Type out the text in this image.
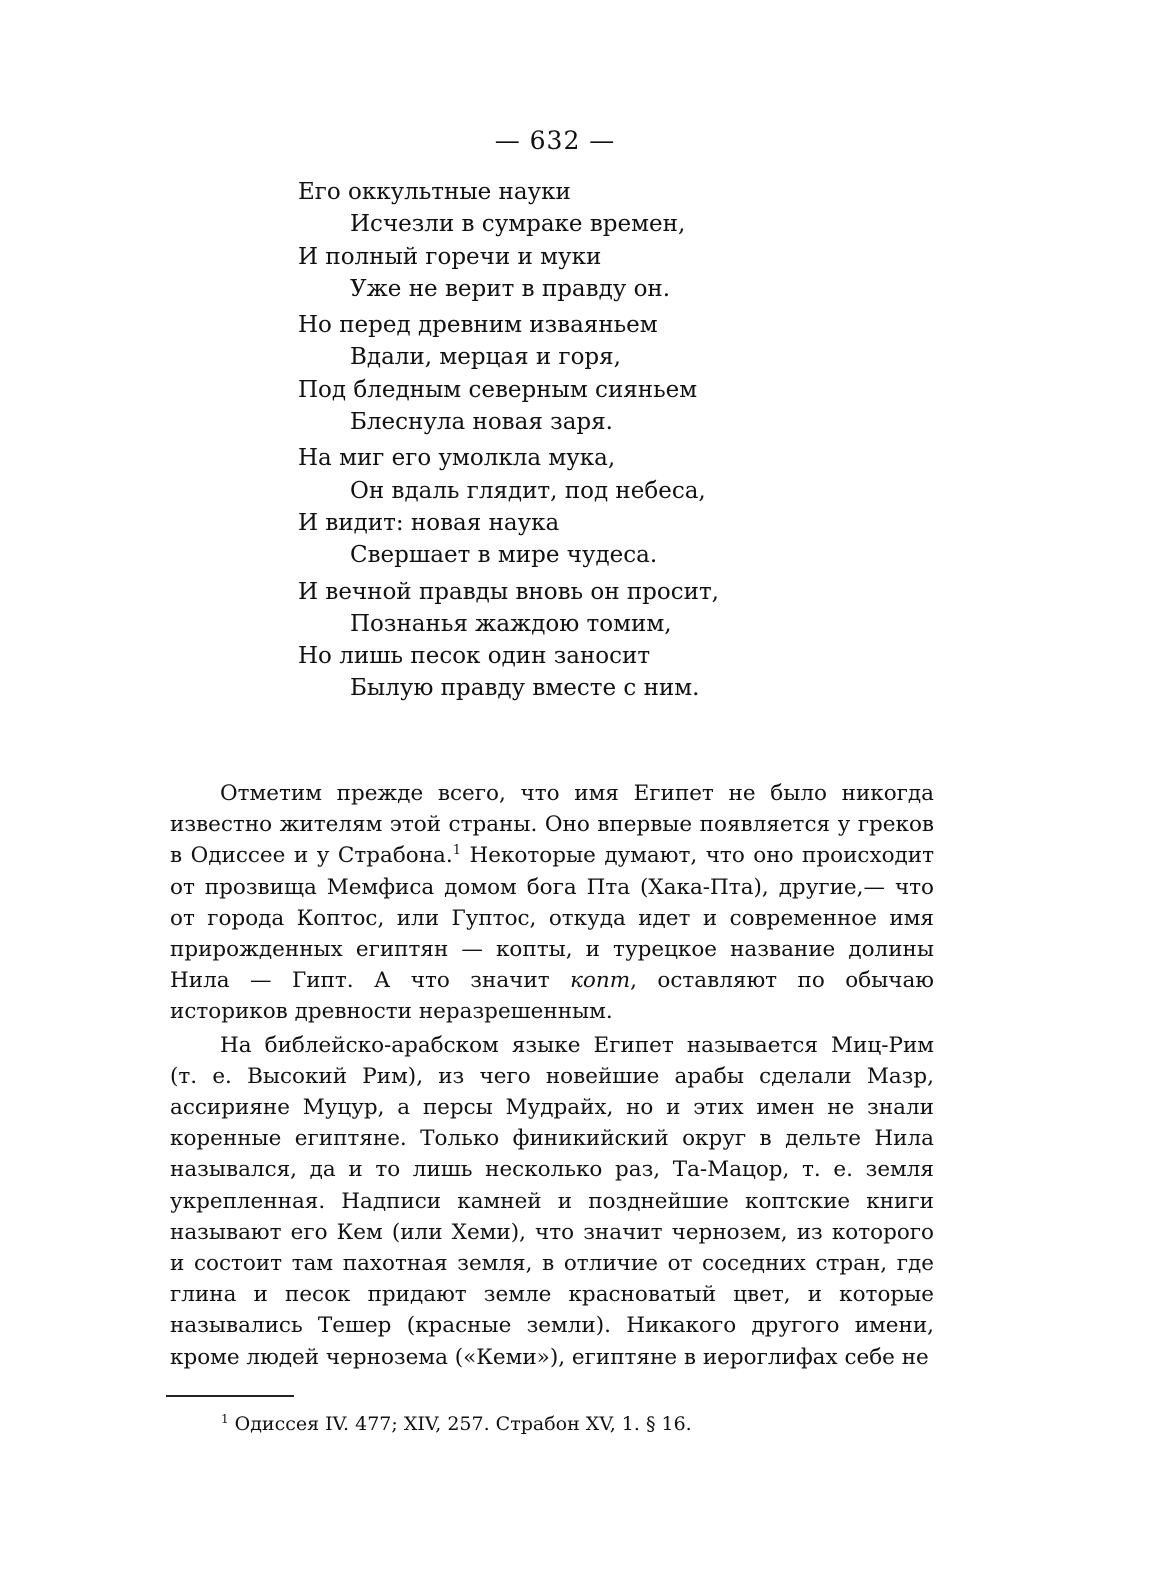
— 632 —
Его оккультные науки
Исчезли в сумраке времен,
И полный горечи и муки
Уже не верит в правду он.
Но перед древним изваяньем
Вдали, мерцая и горя,
Под бледным северным сияньем
Блеснула новая заря.
На миг его умолкла мука,
Он вдаль глядит, под небеса,
И видит: новая наука
Свершает в мире чудеса.
И вечной правды вновь он просит,
Познанья жаждою томим,
Но лишь песок один заносит
Былую правду вместе с ним.

Отметим прежде всего, что имя Египет не было никогда известно жителям этой страны. Оно впервые появляется у греков в Одиссее и у Страбона.$^1$ Некоторые думают, что оно происходит от прозвища Мемфиса домом бога Пта (Хака-Пта), другие,— что от города Коптос, или Гуптос, откуда идет и современное имя прирожденных египтян — копты, и турецкое название долины Нила — Гипт. А что значит копт, оставляют по обычаю историков древности неразрешенным.

На библейско-арабском языке Египет называется Миц-Рим (т. е. Высокий Рим), из чего новейшие арабы сделали Мазр, ассирияне Муцур, а персы Мудрайх, но и этих имен не знали коренные египтяне. Только финикийский округ в дельте Нила назывался, да и то лишь несколько раз, Та-Мацор, т. е. земля укрепленная. Надписи камней и позднейшие коптские книги называют его Кем (или Хеми), что значит чернозем, из которого и состоит там пахотная земля, в отличие от соседних стран, где глина и песок придают земле красноватый цвет, и которые назывались Тешер (красные земли). Никакого другого имени, кроме людей чернозема («Кеми»), египтяне в иероглифах себе не

$^1$ Одиссея IV. 477; XIV, 257. Страбон XV, 1. § 16.
